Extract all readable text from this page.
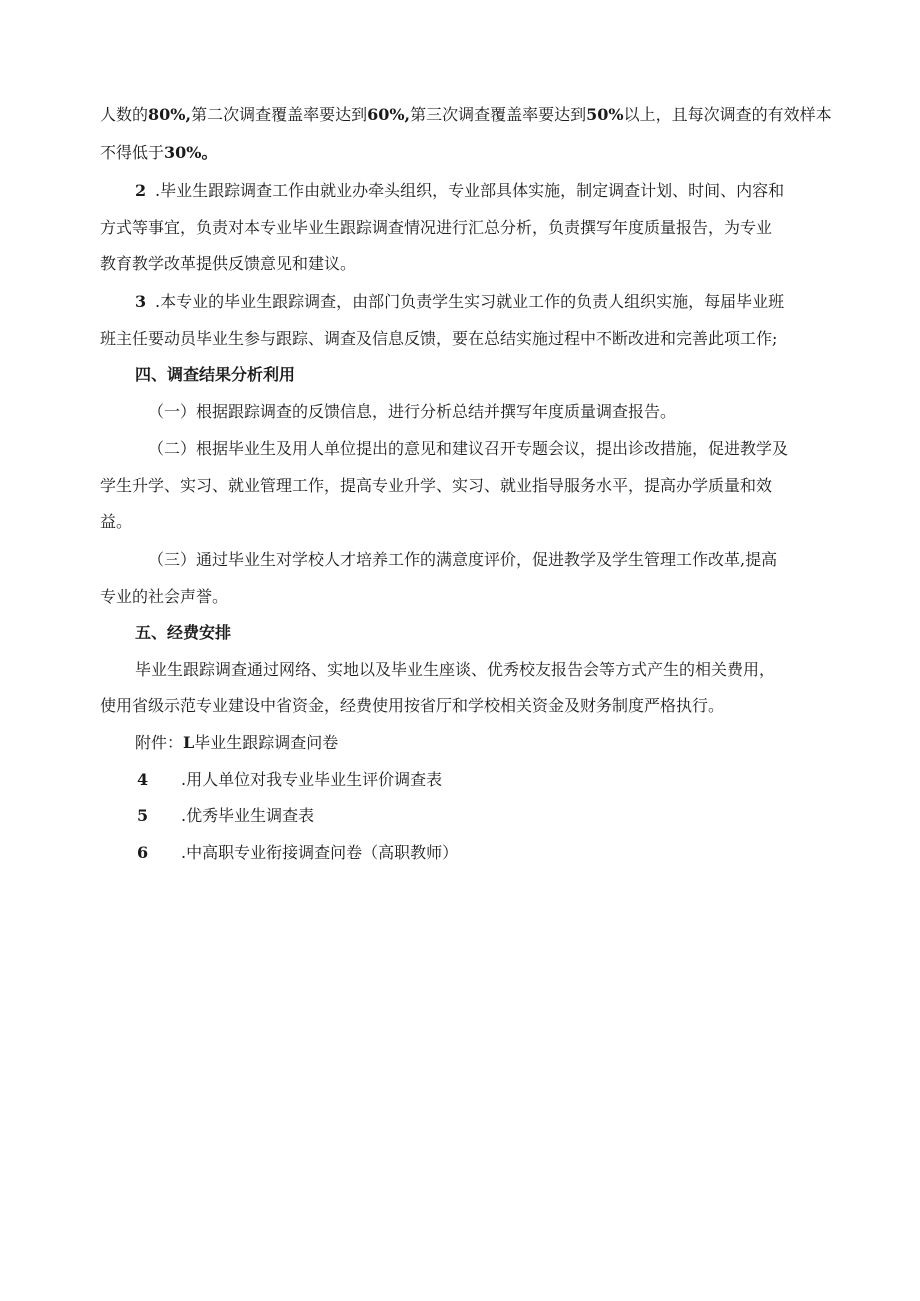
人数的80%,第二次调查覆盖率要达到60%,第三次调查覆盖率要达到50%以上，且每次调查的有效样本

不得低于30%。

2 .毕业生跟踪调查工作由就业办牵头组织，专业部具体实施，制定调查计划、时间、内容和

方式等事宜，负责对本专业毕业生跟踪调查情况进行汇总分析，负责撰写年度质量报告，为专业

教育教学改革提供反馈意见和建议。

3 .本专业的毕业生跟踪调查，由部门负责学生实习就业工作的负责人组织实施，每届毕业班

班主任要动员毕业生参与跟踪、调查及信息反馈，要在总结实施过程中不断改进和完善此项工作;

四、调查结果分析利用

（一）根据跟踪调查的反馈信息，进行分析总结并撰写年度质量调查报告。

（二）根据毕业生及用人单位提出的意见和建议召开专题会议，提出诊改措施，促进教学及

学生升学、实习、就业管理工作，提高专业升学、实习、就业指导服务水平，提高办学质量和效

益。

（三）通过毕业生对学校人才培养工作的满意度评价，促进教学及学生管理工作改革,提高

专业的社会声誉。

五、经费安排

毕业生跟踪调查通过网络、实地以及毕业生座谈、优秀校友报告会等方式产生的相关费用，

使用省级示范专业建设中省资金，经费使用按省厅和学校相关资金及财务制度严格执行。

附件：L毕业生跟踪调查问卷

4 .用人单位对我专业毕业生评价调查表

5 .优秀毕业生调查表

6 .中高职专业衔接调查问卷（高职教师）
